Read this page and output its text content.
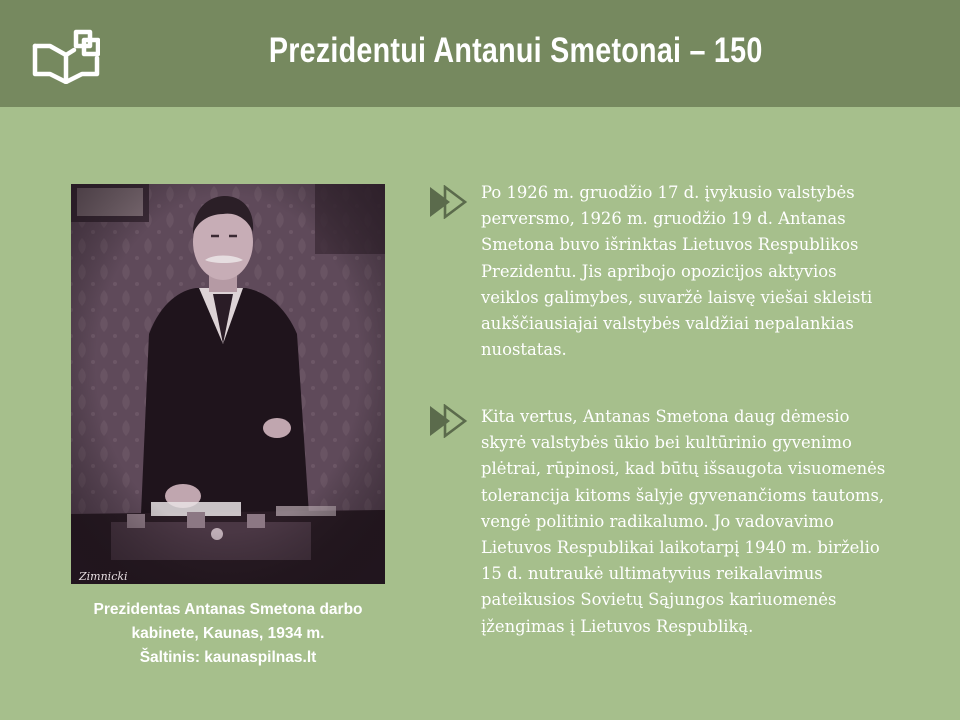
Prezidentui Antanui Smetonai – 150
Zimnicki
Prezidentas Antanas Smetona darbo
kabinete, Kaunas, 1934 m.
Šaltinis: kaunaspilnas.lt
Po 1926 m. gruodžio 17 d. įvykusio valstybės
perversmo, 1926 m. gruodžio 19 d. Antanas
Smetona buvo išrinktas Lietuvos Respublikos
Prezidentu. Jis apribojo opozicijos aktyvios
veiklos galimybes, suvaržė laisvę viešai skleisti
aukščiausiajai valstybės valdžiai nepalankias
nuostatas.
Kita vertus, Antanas Smetona daug dėmesio
skyrė valstybės ūkio bei kultūrinio gyvenimo
plėtrai, rūpinosi, kad būtų išsaugota visuomenės
tolerancija kitoms šalyje gyvenančioms tautoms,
vengė politinio radikalumo. Jo vadovavimo
Lietuvos Respublikai laikotarpį 1940 m. birželio
15 d. nutraukė ultimatyvius reikalavimus
pateikusios Sovietų Sąjungos kariuomenės
įžengimas į Lietuvos Respubliką.
